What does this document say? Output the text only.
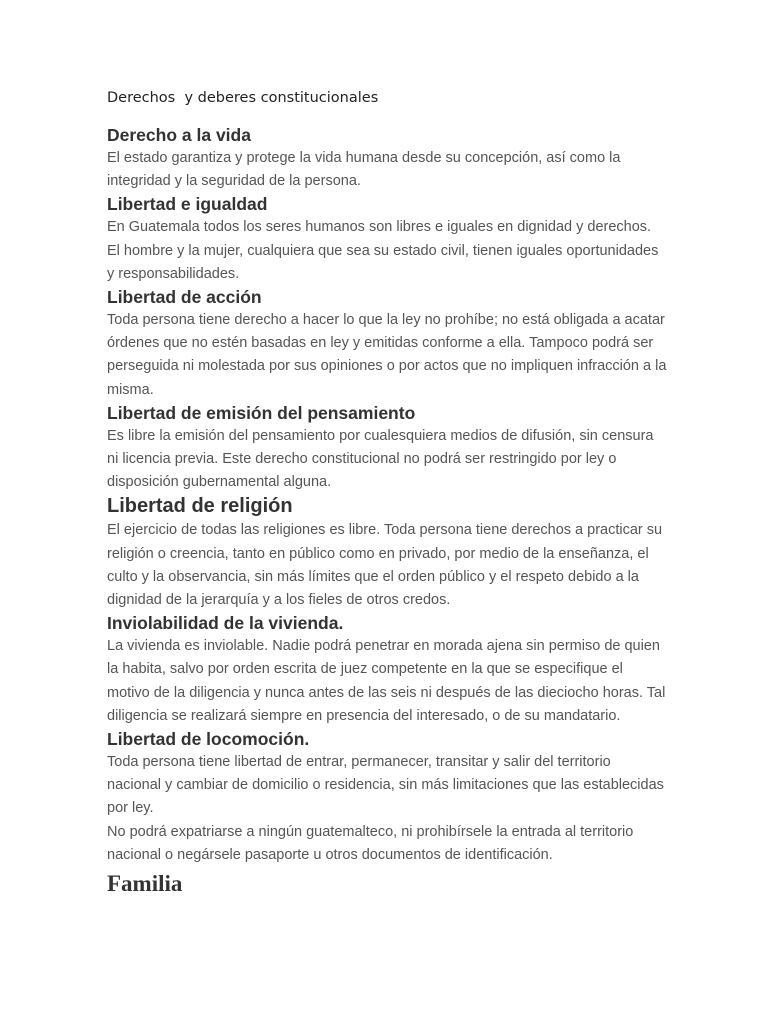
Derechos  y deberes constitucionales
Derecho a la vida

El estado garantiza y protege la vida humana desde su concepción, así como la integridad y la seguridad de la persona.

Libertad e igualdad

En Guatemala todos los seres humanos son libres e iguales en dignidad y derechos. El hombre y la mujer, cualquiera que sea su estado civil, tienen iguales oportunidades y responsabilidades.

Libertad de acción

Toda persona tiene derecho a hacer lo que la ley no prohíbe; no está obligada a acatar órdenes que no estén basadas en ley y emitidas conforme a ella. Tampoco podrá ser perseguida ni molestada por sus opiniones o por actos que no impliquen infracción a la misma.

Libertad de emisión del pensamiento

Es libre la emisión del pensamiento por cualesquiera medios de difusión, sin censura ni licencia previa. Este derecho constitucional no podrá ser restringido por ley o disposición gubernamental alguna.

Libertad de religión

El ejercicio de todas las religiones es libre. Toda persona tiene derechos a practicar su religión o creencia, tanto en público como en privado, por medio de la enseñanza, el culto y la observancia, sin más límites que el orden público y el respeto debido a la dignidad de la jerarquía y a los fieles de otros credos.

Inviolabilidad de la vivienda.

La vivienda es inviolable. Nadie podrá penetrar en morada ajena sin permiso de quien la habita, salvo por orden escrita de juez competente en la que se especifique el motivo de la diligencia y nunca antes de las seis ni después de las dieciocho horas. Tal diligencia se realizará siempre en presencia del interesado, o de su mandatario.

Libertad de locomoción.

Toda persona tiene libertad de entrar, permanecer, transitar y salir del territorio nacional y cambiar de domicilio o residencia, sin más limitaciones que las establecidas por ley.

No podrá expatriarse a ningún guatemalteco, ni prohibírsele la entrada al territorio nacional o negársele pasaporte u otros documentos de identificación.

Familia
